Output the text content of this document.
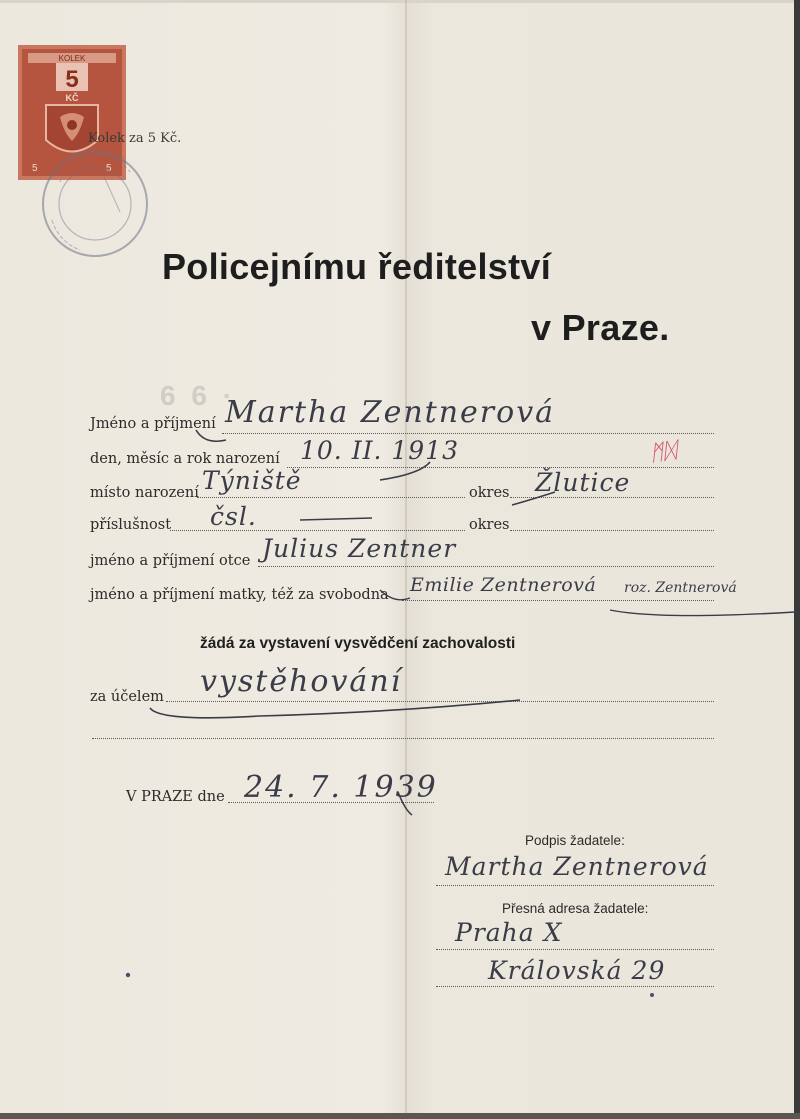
KOLEK
5
KČ
5	5
Kolek za 5 Kč.
6 6 ·
Policejnímu ředitelství
v Praze.
Jméno a příjmení Martha Zentnerová
den, měsíc a rok narození 10. II. 1913	ᛗᛞ
místo narození Týniště	okres Žlutice
příslušnost čsl.	okres
jméno a příjmení otce Julius Zentner
jméno a příjmení matky, též za svobodna Emilie Zentnerová roz. Zentnerová
žádá za vystavení vysvědčení zachovalosti
za účelem vystěhování
V PRAZE dne 24. 7. 1939
Podpis žadatele:
Martha Zentnerová
Přesná adresa žadatele:
Praha X
Královská 29
